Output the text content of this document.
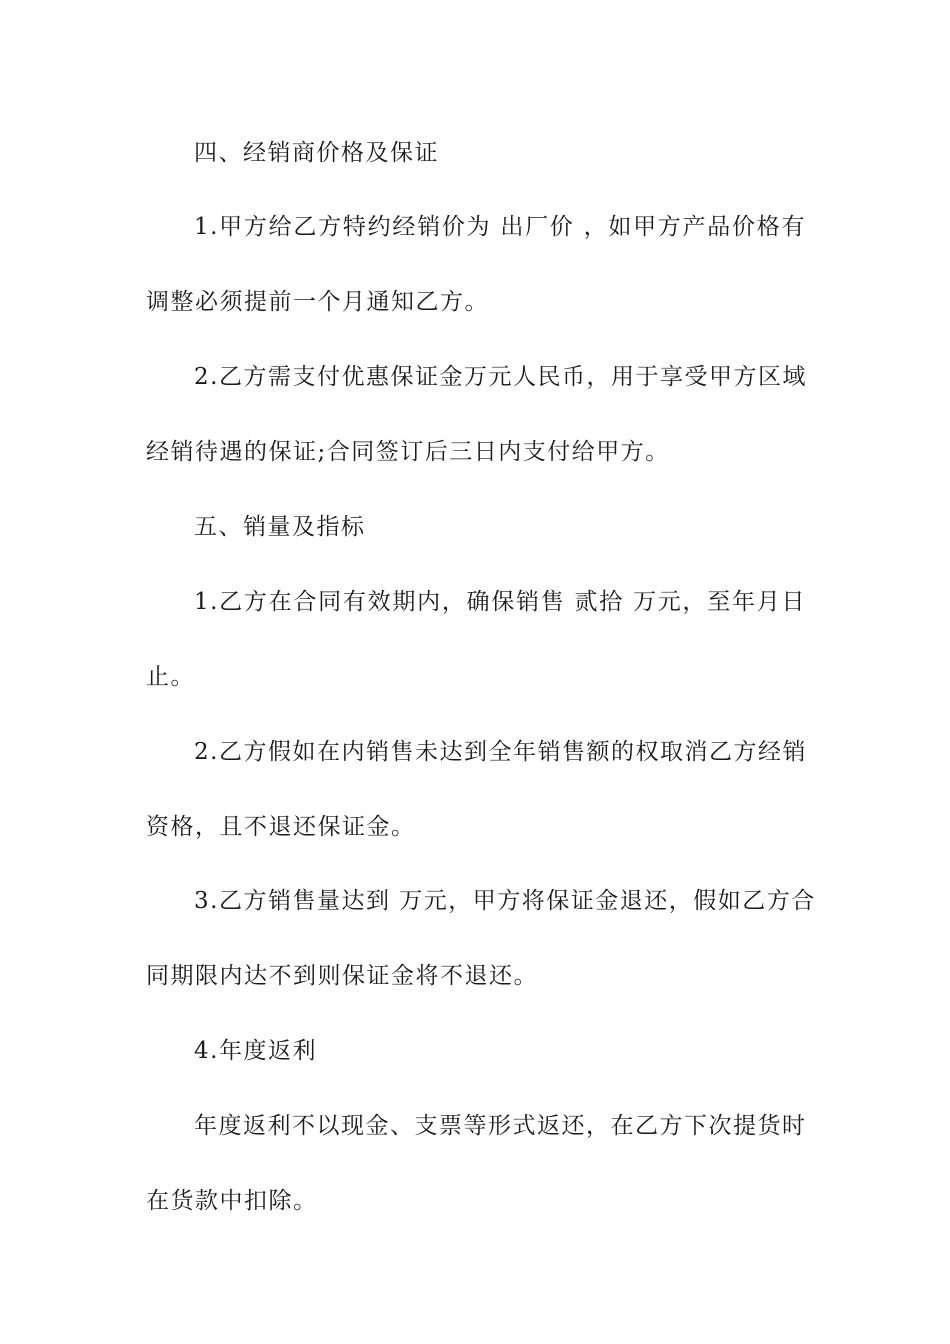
四、经销商价格及保证
1.甲方给乙方特约经销价为 出厂价 ，如甲方产品价格有
调整必须提前一个月通知乙方。
2.乙方需支付优惠保证金万元人民币，用于享受甲方区域
经销待遇的保证;合同签订后三日内支付给甲方。
五、销量及指标
1.乙方在合同有效期内，确保销售 贰拾 万元，至年月日
止。
2.乙方假如在内销售未达到全年销售额的权取消乙方经销
资格，且不退还保证金。
3.乙方销售量达到 万元，甲方将保证金退还，假如乙方合
同期限内达不到则保证金将不退还。
4.年度返利
年度返利不以现金、支票等形式返还，在乙方下次提货时
在货款中扣除。
